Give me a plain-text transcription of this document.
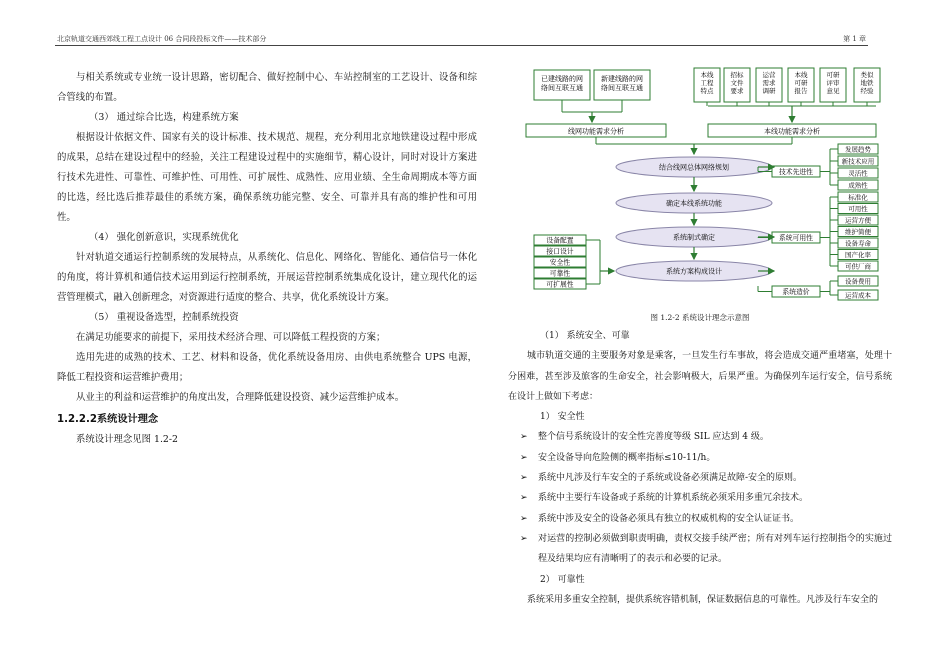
北京轨道交通西郊线工程工点设计 06 合同段投标文件——技术部分	第 1 章

与相关系统或专业统一设计思路，密切配合、做好控制中心、车站控制室的工艺设计、设备和综合管线的布置。

（3） 通过综合比选，构建系统方案

根据设计依据文件、国家有关的设计标准、技术规范、规程，充分利用北京地铁建设过程中形成的成果，总结在建设过程中的经验，关注工程建设过程中的实施细节，精心设计，同时对设计方案进行技术先进性、可靠性、可维护性、可用性、可扩展性、成熟性、应用业绩、全生命周期成本等方面的比选，经比选后推荐最佳的系统方案，确保系统功能完整、安全、可靠并具有高的维护性和可用性。

（4） 强化创新意识，实现系统优化

针对轨道交通运行控制系统的发展特点，从系统化、信息化、网络化、智能化、通信信号一体化的角度，将计算机和通信技术运用到运行控制系统，开展运营控制系统集成化设计，建立现代化的运营管理模式，融入创新理念，对资源进行适度的整合、共享，优化系统设计方案。

（5） 重视设备选型，控制系统投资

在满足功能要求的前提下，采用技术经济合理、可以降低工程投资的方案；

选用先进的成熟的技术、工艺、材料和设备，优化系统设备用房、由供电系统整合 UPS 电源，降低工程投资和运营维护费用；

从业主的利益和运营维护的角度出发，合理降低建设投资、减少运营维护成本。

1.2.2.2系统设计理念

系统设计理念见图 1.2-2

已建线路的网络间互联互通
新建线路的网络间互联互通
本线工程特点
招标文件要求
运营需求调研
本线可研报告
可研评审意见
类似地铁经验
线网功能需求分析	本线功能需求分析
结合线网总体网络规划
确定本线系统功能
系统制式确定
系统方案构成设计
设备配置
接口设计
安全性
可靠性
可扩展性
技术先进性
发展趋势
新技术应用
灵活性
成熟性
系统可用性
标准化
可用性
运营方便
维护简便
设备寿命
国产化率
可供厂商
系统造价
设备费用
运营成本
图 1.2-2 系统设计理念示意图

（1） 系统安全、可靠

城市轨道交通的主要服务对象是乘客，一旦发生行车事故，将会造成交通严重堵塞，处理十分困难，甚至涉及旅客的生命安全，社会影响极大，后果严重。为确保列车运行安全，信号系统在设计上做如下考虑：

1） 安全性

➢ 整个信号系统设计的安全性完善度等级 SIL 应达到 4 级。

➢ 安全设备导向危险侧的概率指标≤10-11/h。

➢ 系统中凡涉及行车安全的子系统或设备必须满足故障-安全的原则。

➢ 系统中主要行车设备或子系统的计算机系统必须采用多重冗余技术。

➢ 系统中涉及安全的设备必须具有独立的权威机构的安全认证证书。

➢ 对运营的控制必须做到职责明确，责权交接手续严密；所有对列车运行控制指令的实施过程及结果均应有清晰明了的表示和必要的记录。

2） 可靠性

系统采用多重安全控制，提供系统容错机制，保证数据信息的可靠性。凡涉及行车安全的
